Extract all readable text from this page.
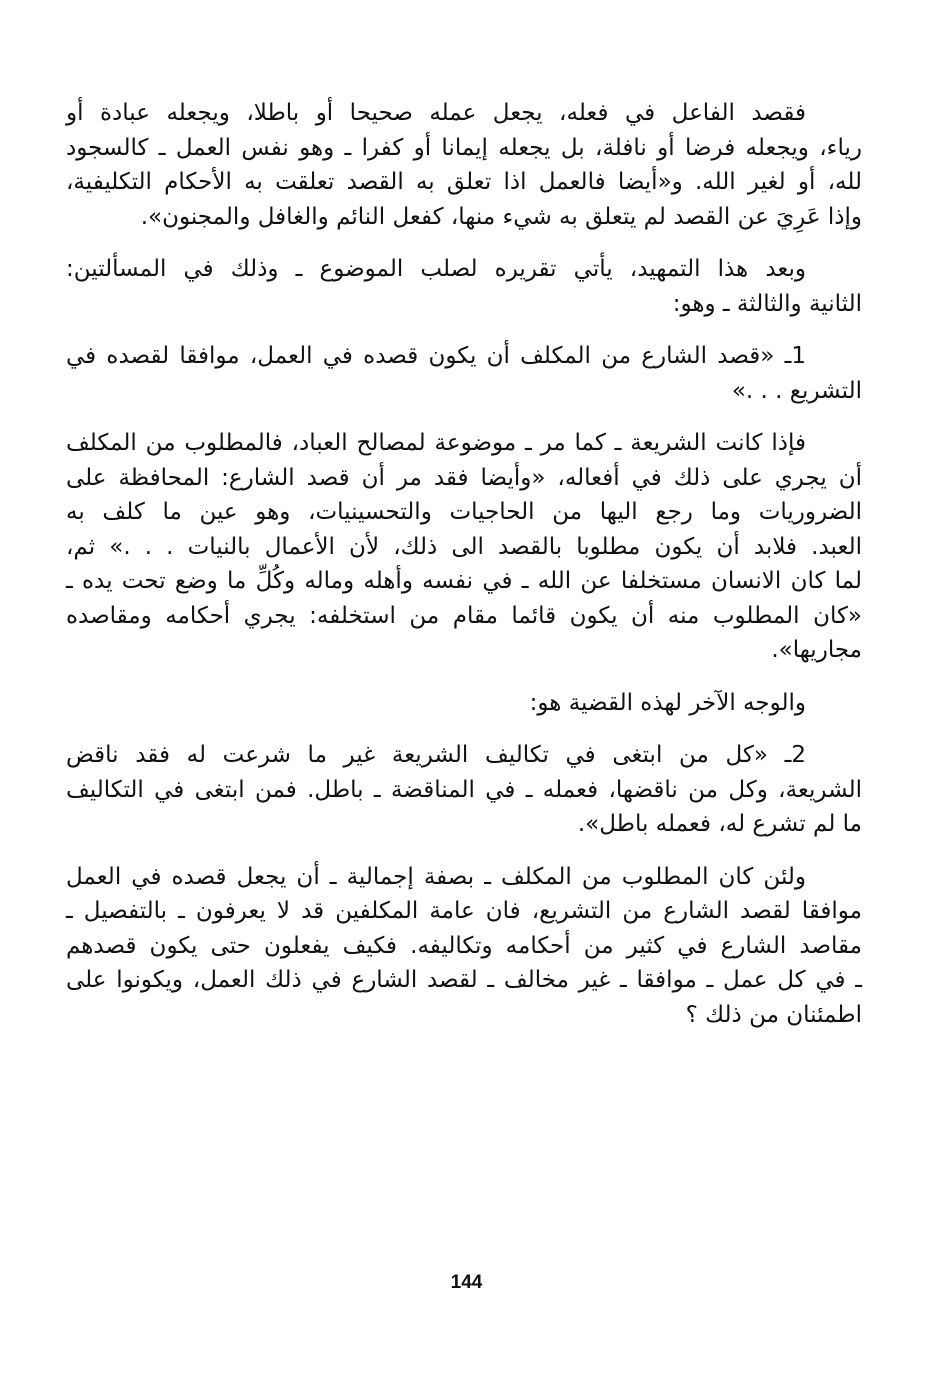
فقصد الفاعل في فعله، يجعل عمله صحيحا أو باطلا، ويجعله عبادة أو
رياء، ويجعله فرضا أو نافلة، بل يجعله إيمانا أو كفرا ـ وهو نفس العمل ـ كالسجود
لله، أو لغير الله. و«أيضا فالعمل اذا تعلق به القصد تعلقت به الأحكام التكليفية،
وإذا عَرِيَ عن القصد لم يتعلق به شيء منها، كفعل النائم والغافل والمجنون».

وبعد هذا التمهيد، يأتي تقريره لصلب الموضوع ـ وذلك في المسألتين:
الثانية والثالثة ـ وهو:

1ـ «قصد الشارع من المكلف أن يكون قصده في العمل، موافقا لقصده في
التشريع . . .»

فإذا كانت الشريعة ـ كما مر ـ موضوعة لمصالح العباد، فالمطلوب من المكلف
أن يجري على ذلك في أفعاله، «وأيضا فقد مر أن قصد الشارع: المحافظة على
الضروريات وما رجع اليها من الحاجيات والتحسينيات، وهو عين ما كلف به
العبد. فلابد أن يكون مطلوبا بالقصد الى ذلك، لأن الأعمال بالنيات . . .» ثم،
لما كان الانسان مستخلفا عن الله ـ في نفسه وأهله وماله وكُلِّ ما وضع تحت يده ـ
«كان المطلوب منه أن يكون قائما مقام من استخلفه: يجري أحكامه ومقاصده
مجاريها».

والوجه الآخر لهذه القضية هو:

2ـ «كل من ابتغى في تكاليف الشريعة غير ما شرعت له فقد ناقض
الشريعة، وكل من ناقضها، فعمله ـ في المناقضة ـ باطل. فمن ابتغى في التكاليف
ما لم تشرع له، فعمله باطل».

ولئن كان المطلوب من المكلف ـ بصفة إجمالية ـ أن يجعل قصده في العمل
موافقا لقصد الشارع من التشريع، فان عامة المكلفين قد لا يعرفون ـ بالتفصيل ـ
مقاصد الشارع في كثير من أحكامه وتكاليفه. فكيف يفعلون حتى يكون قصدهم
ـ في كل عمل ـ موافقا ـ غير مخالف ـ لقصد الشارع في ذلك العمل، ويكونوا على
اطمئنان من ذلك ؟

144
